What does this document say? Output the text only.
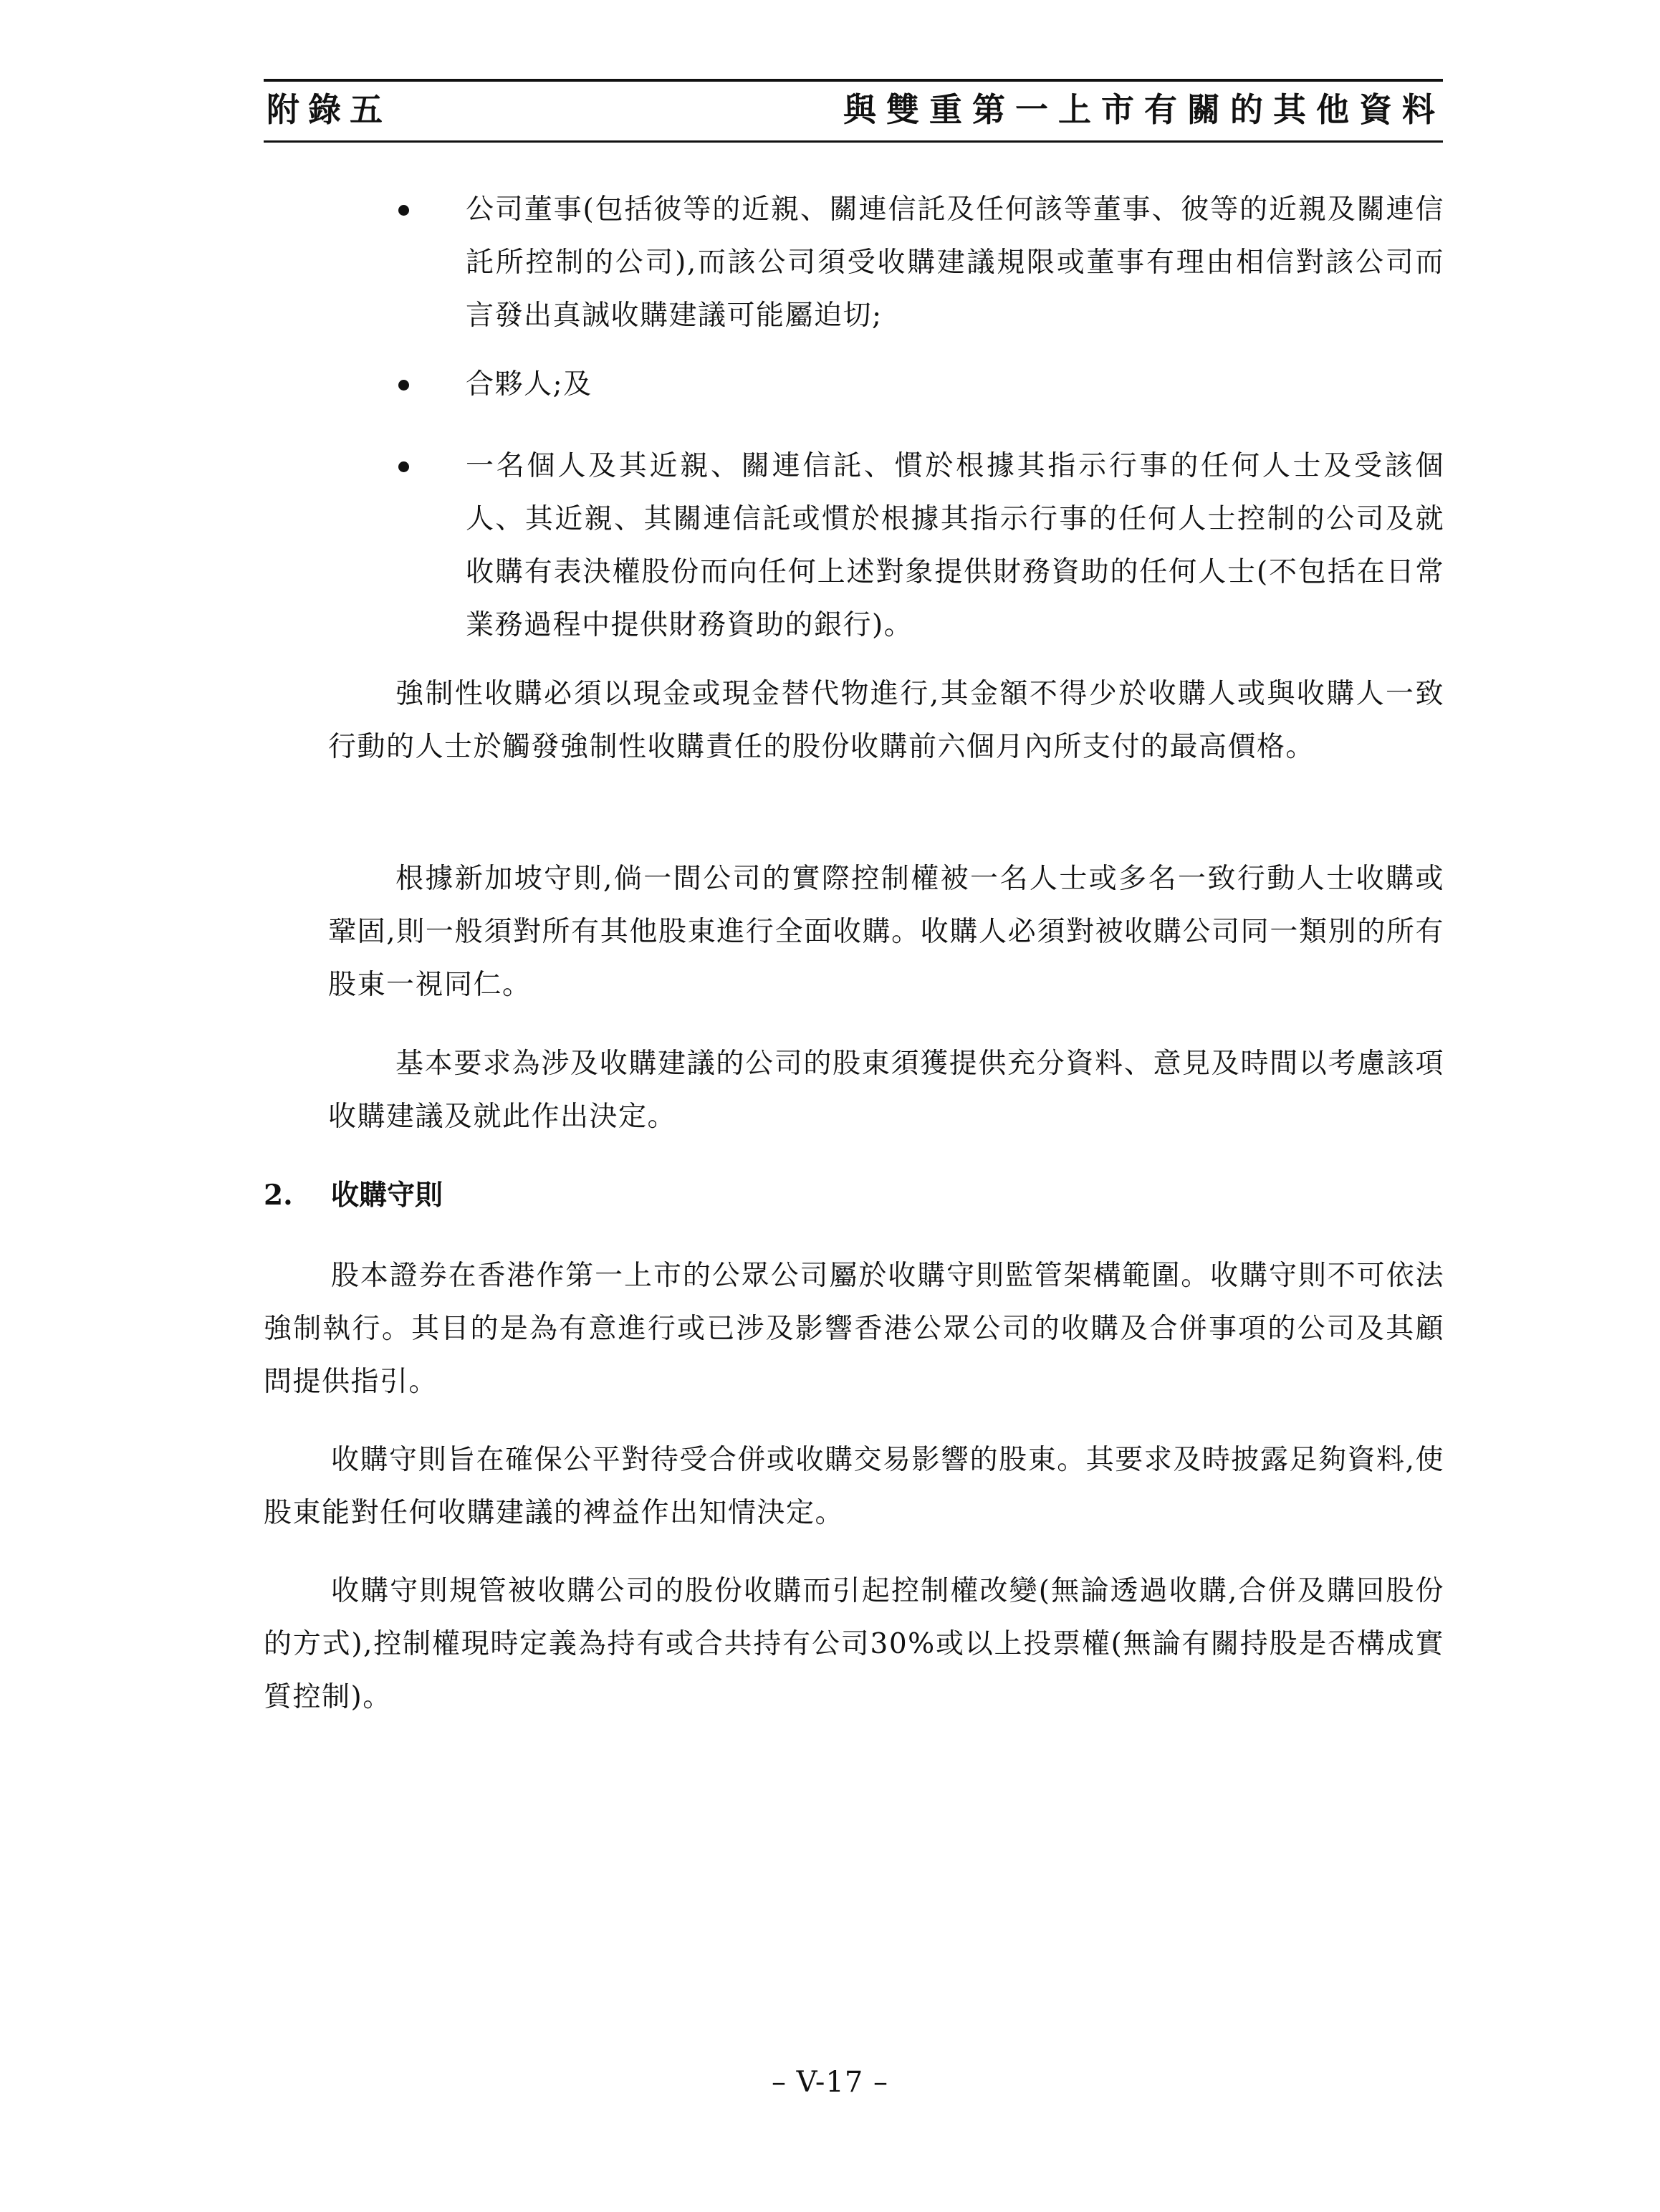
附錄五	與雙重第一上市有關的其他資料
公司董事(包括彼等的近親、關連信託及任何該等董事、彼等的近親及關連信託所控制的公司),而該公司須受收購建議規限或董事有理由相信對該公司而言發出真誠收購建議可能屬迫切;
合夥人;及
一名個人及其近親、關連信託、慣於根據其指示行事的任何人士及受該個人、其近親、其關連信託或慣於根據其指示行事的任何人士控制的公司及就收購有表決權股份而向任何上述對象提供財務資助的任何人士(不包括在日常業務過程中提供財務資助的銀行)。
強制性收購必須以現金或現金替代物進行,其金額不得少於收購人或與收購人一致行動的人士於觸發強制性收購責任的股份收購前六個月內所支付的最高價格。
根據新加坡守則,倘一間公司的實際控制權被一名人士或多名一致行動人士收購或鞏固,則一般須對所有其他股東進行全面收購。收購人必須對被收購公司同一類別的所有股東一視同仁。
基本要求為涉及收購建議的公司的股東須獲提供充分資料、意見及時間以考慮該項收購建議及就此作出決定。
2. 收購守則
股本證券在香港作第一上市的公眾公司屬於收購守則監管架構範圍。收購守則不可依法強制執行。其目的是為有意進行或已涉及影響香港公眾公司的收購及合併事項的公司及其顧問提供指引。
收購守則旨在確保公平對待受合併或收購交易影響的股東。其要求及時披露足夠資料,使股東能對任何收購建議的裨益作出知情決定。
收購守則規管被收購公司的股份收購而引起控制權改變(無論透過收購,合併及購回股份的方式),控制權現時定義為持有或合共持有公司30%或以上投票權(無論有關持股是否構成實質控制)。
– V-17 –
